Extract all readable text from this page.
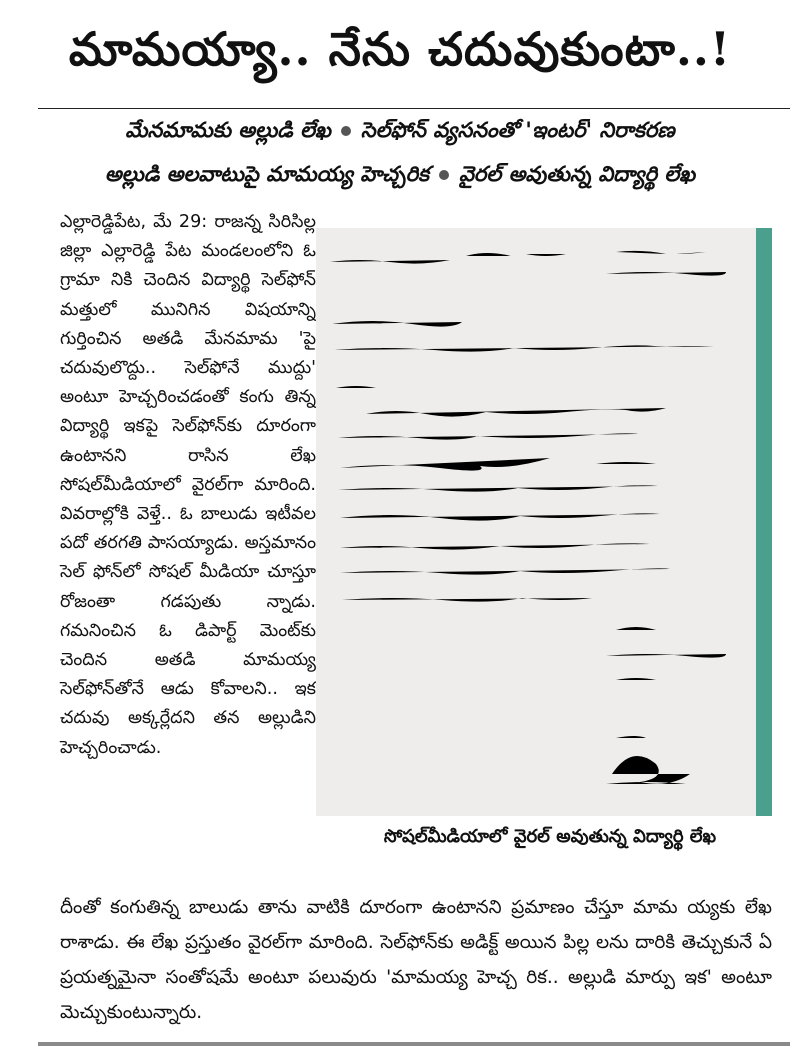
మామయ్యా.. నేను చదువుకుంటా..!
మేనమామకు అల్లుడి లేఖ సెల్‌ఫోన్ వ్యసనంతో 'ఇంటర్' నిరాకరణ
అల్లుడి అలవాటుపై మామయ్య హెచ్చరిక వైరల్ అవుతున్న విద్యార్థి లేఖ

ఎల్లారెడ్డిపేట, మే 29: రాజన్న సిరిసిల్ల జిల్లా ఎల్లారెడ్డి పేట మండలంలోని ఓ గ్రామా నికి చెందిన విద్యార్థి సెల్‌ఫోన్ మత్తులో మునిగిన విషయాన్ని గుర్తించిన అతడి మేనమామ 'పై చదువులొద్దు.. సెల్‌ఫోనే ముద్దు' అంటూ హెచ్చరించడంతో కంగు తిన్న విద్యార్థి ఇకపై సెల్‌ఫోన్‌కు దూరంగా ఉంటానని రాసిన లేఖ సోషల్‌మీడియాలో వైరల్‌గా మారింది. వివరాల్లోకి వెళ్తే.. ఓ బాలుడు ఇటీవల పదో తరగతి పాసయ్యాడు. అస్తమానం సెల్ ఫోన్‌లో సోషల్ మీడియా చూస్తూ రోజంతా గడపుతు న్నాడు. గమనించిన ఓ డిపార్ట్ మెంట్‌కు చెందిన అతడి మామయ్య సెల్‌ఫోన్‌తోనే ఆడు కోవాలని.. ఇక చదువు అక్కర్లేదని తన అల్లుడిని హెచ్చరించాడు.

సోషల్‌మీడియాలో వైరల్ అవుతున్న విద్యార్థి లేఖ

దీంతో కంగుతిన్న బాలుడు తాను వాటికి దూరంగా ఉంటానని ప్రమాణం చేస్తూ మామ య్యకు లేఖ రాశాడు. ఈ లేఖ ప్రస్తుతం వైరల్‌గా మారింది. సెల్‌ఫోన్‌కు అడిక్ట్ అయిన పిల్ల లను దారికి తెచ్చుకునే ఏ ప్రయత్నమైనా సంతోషమే అంటూ పలువురు 'మామయ్య హెచ్చ రిక.. అల్లుడి మార్పు ఇక' అంటూ మెచ్చుకుంటున్నారు.
